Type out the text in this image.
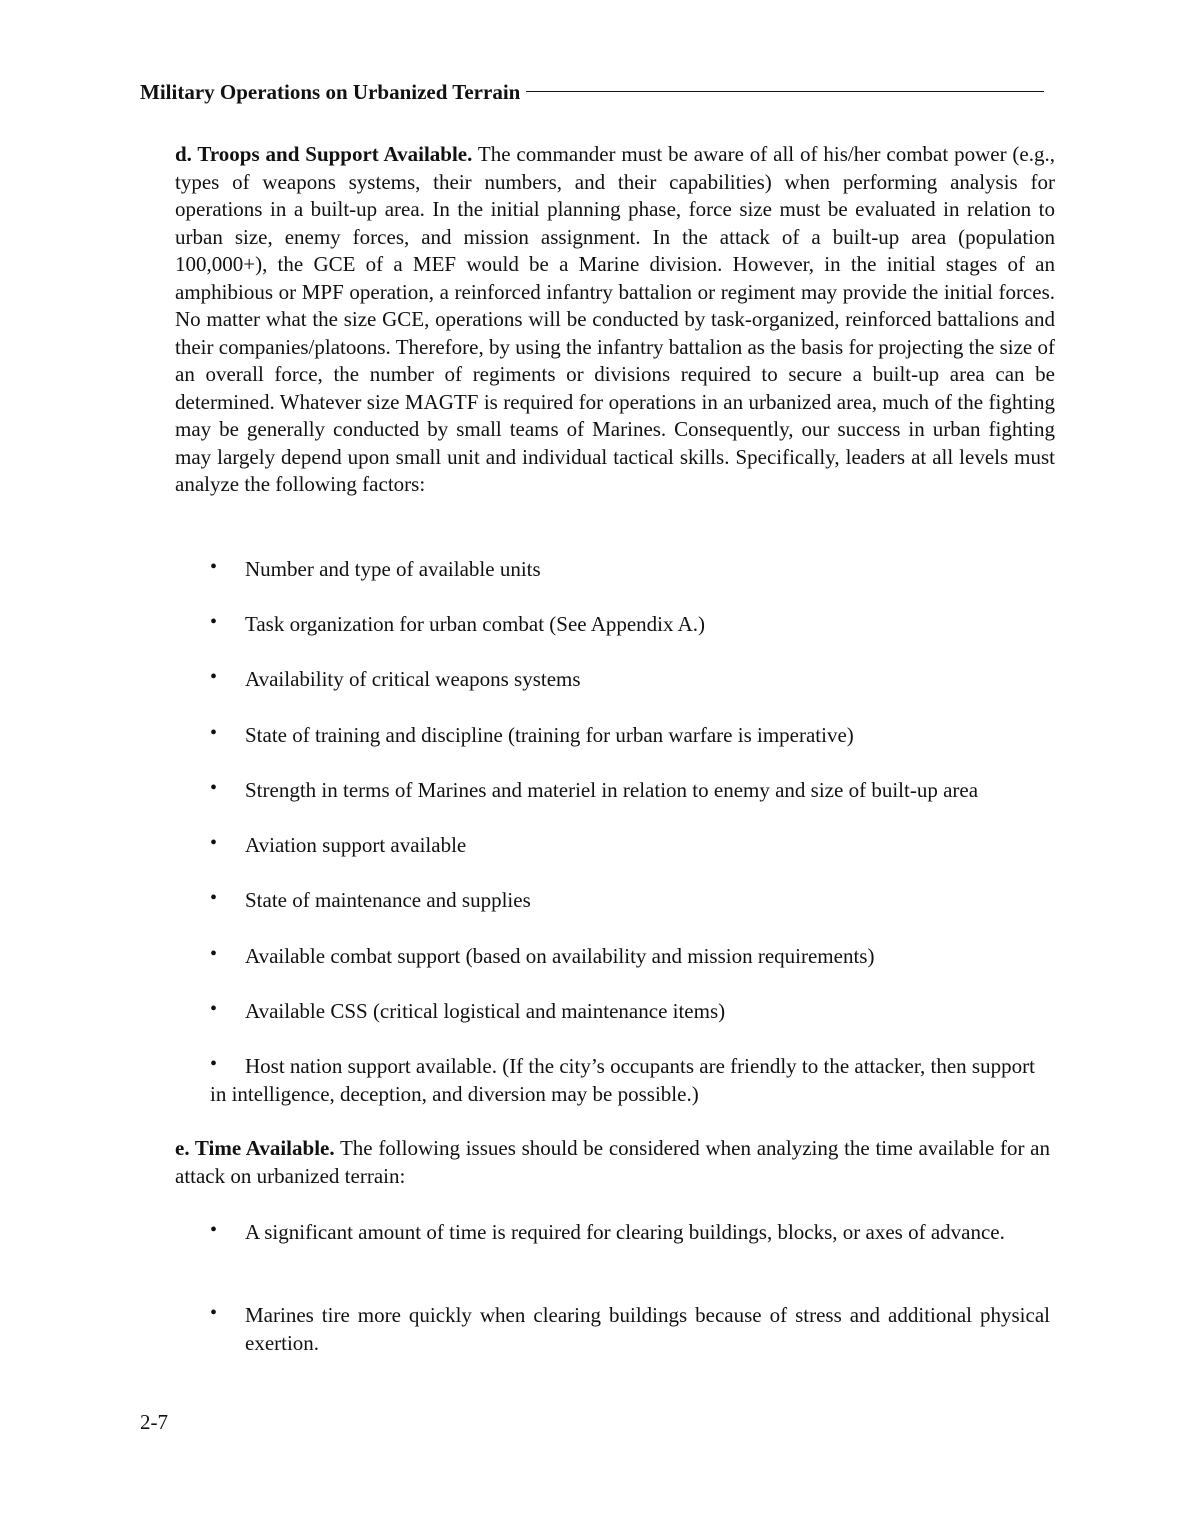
Military Operations on Urbanized Terrain

d. Troops and Support Available. The commander must be aware of all of his/her combat power (e.g., types of weapons systems, their numbers, and their capabilities) when performing analysis for operations in a built-up area. In the initial planning phase, force size must be evaluated in relation to urban size, enemy forces, and mission assignment. In the attack of a built-up area (population 100,000+), the GCE of a MEF would be a Marine division. However, in the initial stages of an amphibious or MPF operation, a reinforced infantry battalion or regiment may provide the initial forces. No matter what the size GCE, operations will be conducted by task-organized, reinforced battalions and their companies/platoons. Therefore, by using the infantry battalion as the basis for projecting the size of an overall force, the number of regiments or divisions required to secure a built-up area can be determined. Whatever size MAGTF is required for operations in an urbanized area, much of the fighting may be generally conducted by small teams of Marines. Consequently, our success in urban fighting may largely depend upon small unit and individual tactical skills. Specifically, leaders at all levels must analyze the following factors:

•	Number and type of available units
•	Task organization for urban combat (See Appendix A.)
•	Availability of critical weapons systems
•	State of training and discipline (training for urban warfare is imperative)
•	Strength in terms of Marines and materiel in relation to enemy and size of built-up area
•	Aviation support available
•	State of maintenance and supplies
•	Available combat support (based on availability and mission requirements)
•	Available CSS (critical logistical and maintenance items)
•	Host nation support available. (If the city’s occupants are friendly to the attacker, then support in intelligence, deception, and diversion may be possible.)

e. Time Available. The following issues should be considered when analyzing the time available for an attack on urbanized terrain:

•	A significant amount of time is required for clearing buildings, blocks, or axes of advance.
•	Marines tire more quickly when clearing buildings because of stress and additional physical exertion.
2-7
